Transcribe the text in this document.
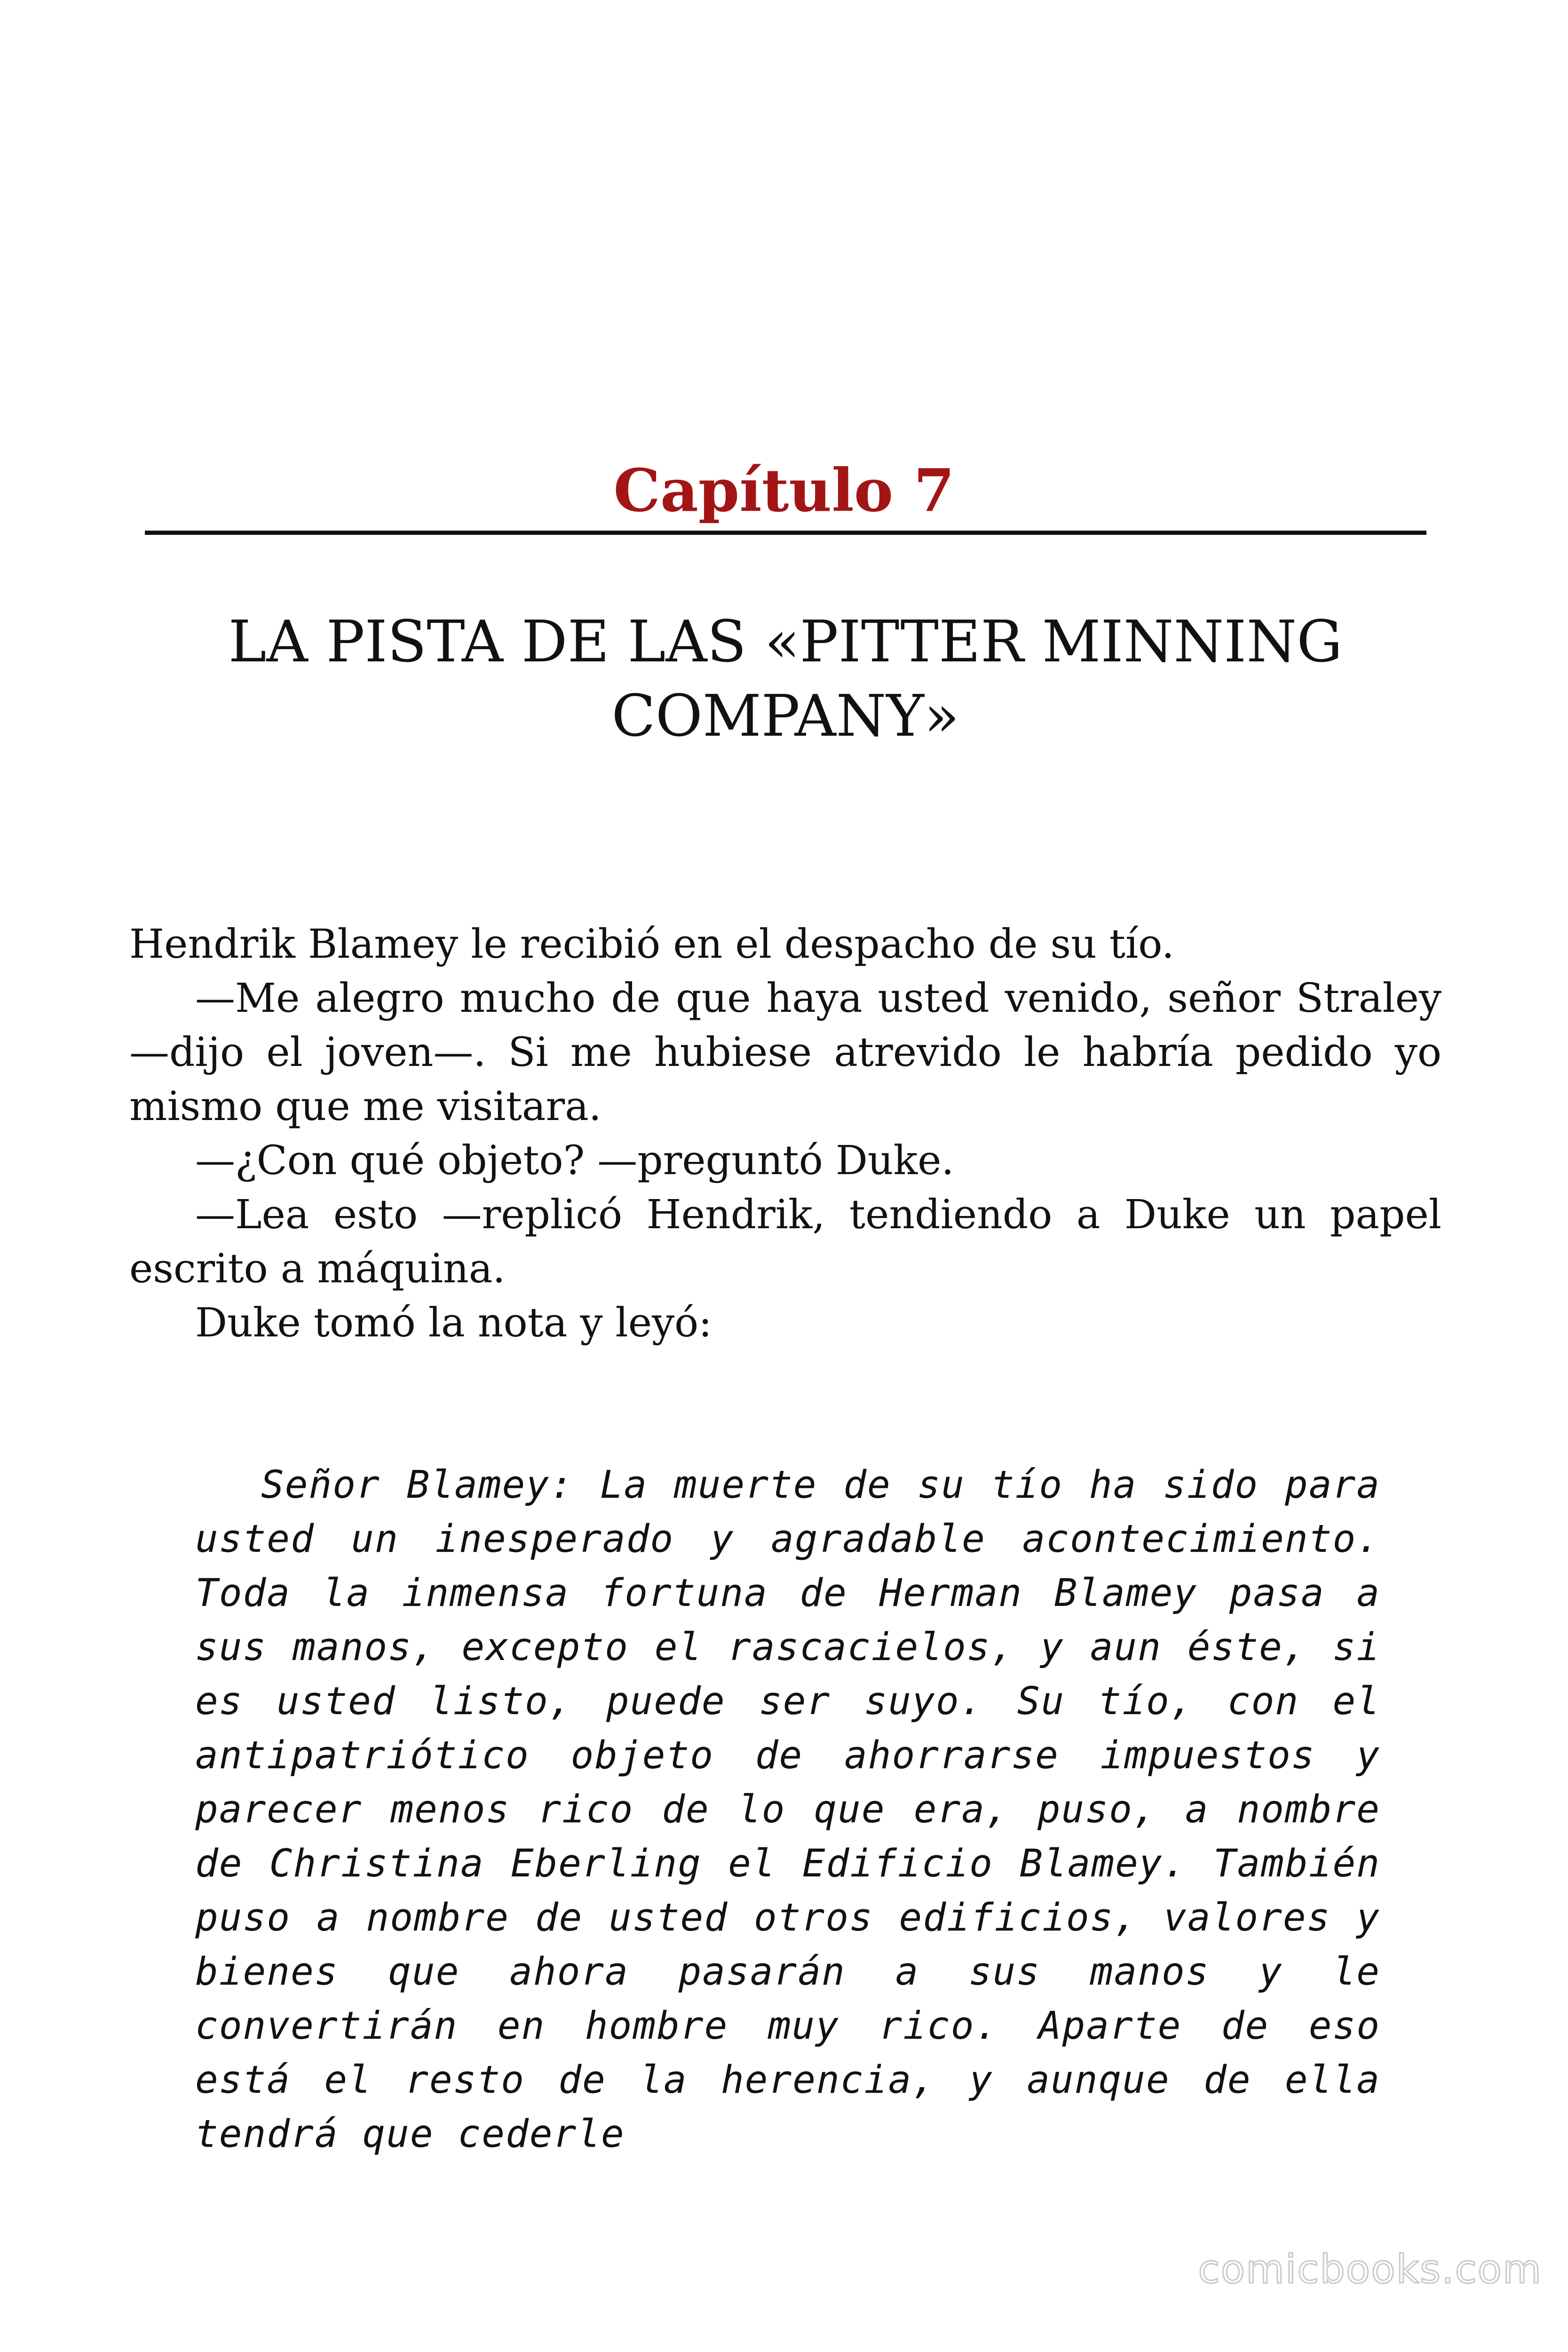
Capítulo 7
LA PISTA DE LAS «PITTER MINNING COMPANY»

Hendrik Blamey le recibió en el despacho de su tío.

—Me alegro mucho de que haya usted venido, señor Straley —dijo el joven—. Si me hubiese atrevido le habría pedido yo mismo que me visitara.

—¿Con qué objeto? —preguntó Duke.

—Lea esto —replicó Hendrik, tendiendo a Duke un papel escrito a máquina.

Duke tomó la nota y leyó:

Señor Blamey: La muerte de su tío ha sido para usted un inesperado y agradable acontecimiento. Toda la inmensa fortuna de Herman Blamey pasa a sus manos, excepto el rascacielos, y aun éste, si es usted listo, puede ser suyo. Su tío, con el antipatriótico objeto de ahorrarse impuestos y parecer menos rico de lo que era, puso, a nombre de Christina Eberling el Edificio Blamey. También puso a nombre de usted otros edificios, valores y bienes que ahora pasarán a sus manos y le convertirán en hombre muy rico. Aparte de eso está el resto de la herencia, y aunque de ella tendrá que cederle

comicbooks.com
